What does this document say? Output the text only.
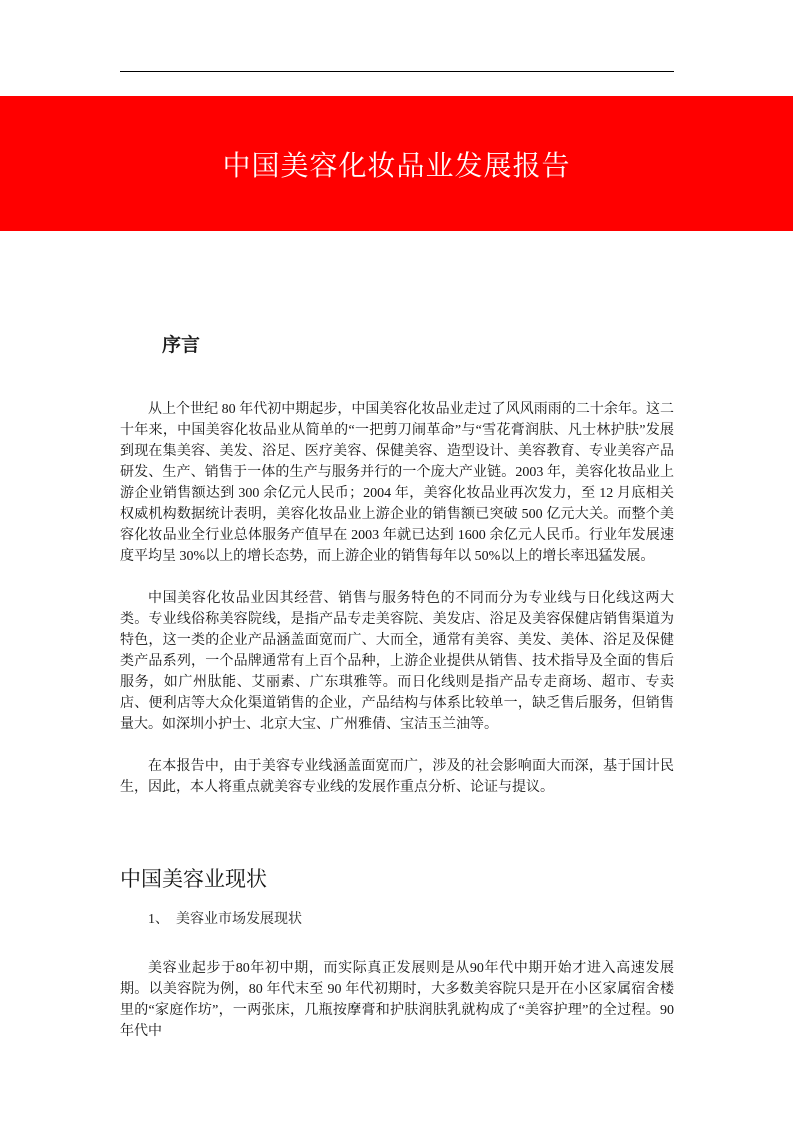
中国美容化妆品业发展报告
序言

从上个世纪 80 年代初中期起步，中国美容化妆品业走过了风风雨雨的二十余年。这二十年来，中国美容化妆品业从简单的“一把剪刀闹革命”与“雪花膏润肤、凡士林护肤”发展到现在集美容、美发、浴足、医疗美容、保健美容、造型设计、美容教育、专业美容产品研发、生产、销售于一体的生产与服务并行的一个庞大产业链。2003 年，美容化妆品业上游企业销售额达到 300 余亿元人民币；2004 年，美容化妆品业再次发力，至 12 月底相关权威机构数据统计表明，美容化妆品业上游企业的销售额已突破 500 亿元大关。而整个美容化妆品业全行业总体服务产值早在 2003 年就已达到 1600 余亿元人民币。行业年发展速度平均呈 30%以上的增长态势，而上游企业的销售每年以 50%以上的增长率迅猛发展。

中国美容化妆品业因其经营、销售与服务特色的不同而分为专业线与日化线这两大类。专业线俗称美容院线，是指产品专走美容院、美发店、浴足及美容保健店销售渠道为特色，这一类的企业产品涵盖面宽而广、大而全，通常有美容、美发、美体、浴足及保健类产品系列，一个品牌通常有上百个品种，上游企业提供从销售、技术指导及全面的售后服务，如广州肽能、艾丽素、广东琪雅等。而日化线则是指产品专走商场、超市、专卖店、便利店等大众化渠道销售的企业，产品结构与体系比较单一，缺乏售后服务，但销售量大。如深圳小护士、北京大宝、广州雅倩、宝洁玉兰油等。

在本报告中，由于美容专业线涵盖面宽而广，涉及的社会影响面大而深，基于国计民生，因此，本人将重点就美容专业线的发展作重点分析、论证与提议。

中国美容业现状
1、 美容业市场发展现状

美容业起步于80年初中期，而实际真正发展则是从90年代中期开始才进入高速发展期。以美容院为例，80 年代末至 90 年代初期时，大多数美容院只是开在小区家属宿舍楼里的“家庭作坊”，一两张床，几瓶按摩膏和护肤润肤乳就构成了“美容护理”的全过程。90 年代中
